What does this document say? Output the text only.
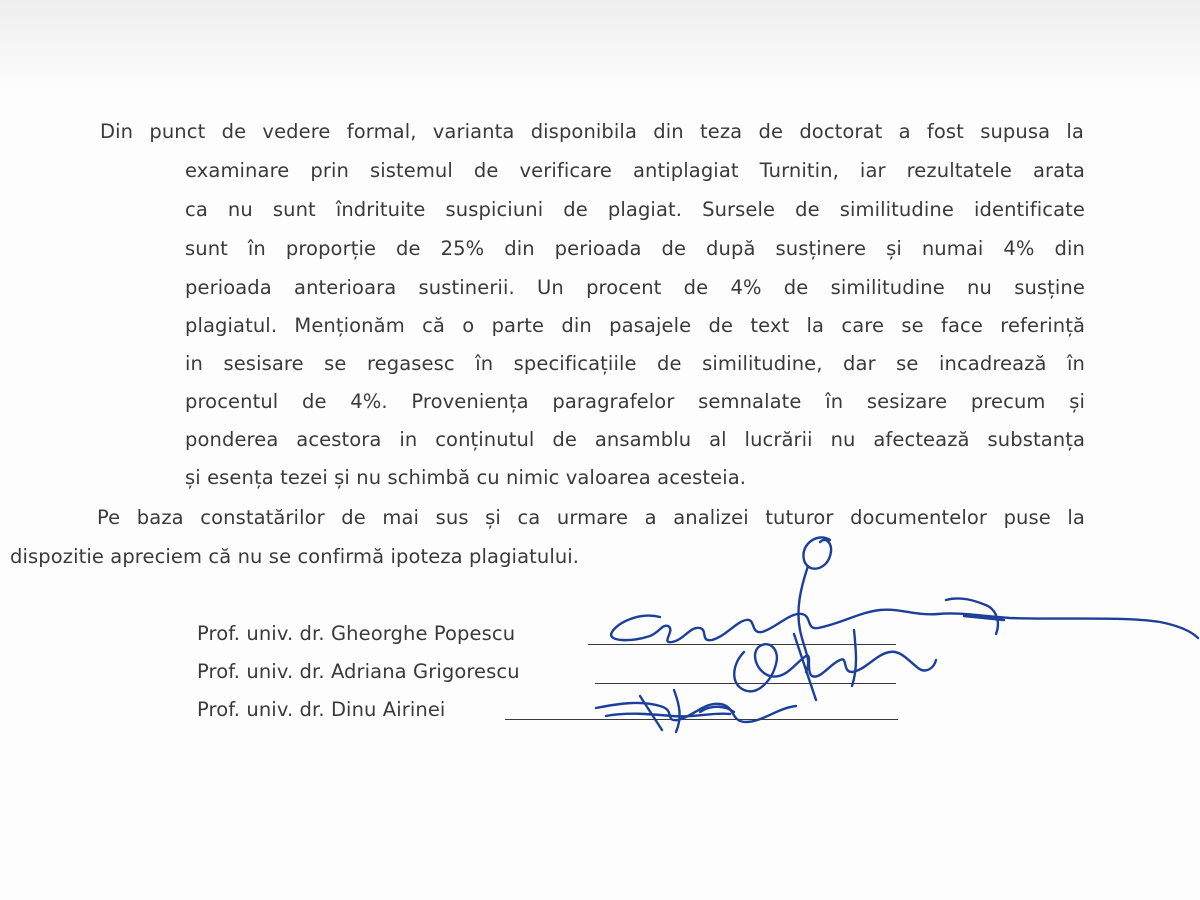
Din punct de vedere formal, varianta disponibila din teza de doctorat a fost supusa la
examinare prin sistemul de verificare antiplagiat Turnitin, iar rezultatele arata
ca nu sunt îndrituite suspiciuni de plagiat. Sursele de similitudine identificate
sunt în proporție de 25% din perioada de după susținere și numai 4% din
perioada anterioara sustinerii. Un procent de 4% de similitudine nu susține
plagiatul. Menționăm că o parte din pasajele de text la care se face referință
in sesisare se regasesc în specificațiile de similitudine, dar se incadrează în
procentul de 4%. Proveniența paragrafelor semnalate în sesizare precum și
ponderea acestora in conținutul de ansamblu al lucrării nu afectează substanța
și esența tezei și nu schimbă cu nimic valoarea acesteia.
Pe baza constatărilor de mai sus și ca urmare a analizei tuturor documentelor puse la
dispozitie apreciem că nu se confirmă ipoteza plagiatului.
Prof. univ. dr. Gheorghe Popescu
Prof. univ. dr. Adriana Grigorescu
Prof. univ. dr. Dinu Airinei
